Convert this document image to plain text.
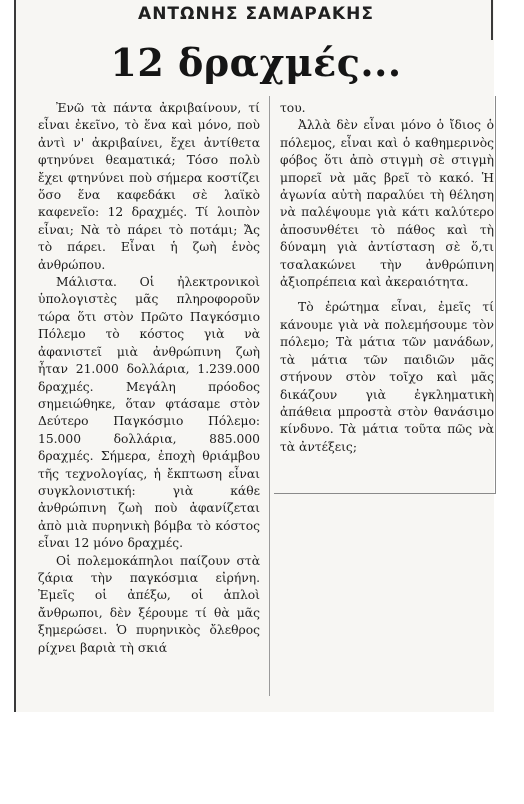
ΑΝΤΩΝΗΣ ΣΑΜΑΡΑΚΗΣ
12 δραχμές...

Ἐνῶ τὰ πάντα ἀκριβαίνουν, τί εἶναι ἐκεῖνο, τὸ ἕνα καὶ μόνο, ποὺ ἀντὶ ν' ἀκριβαίνει, ἔχει ἀντίθετα φτηνύνει θεαματικά; Τόσο πολὺ ἔχει φτηνύνει ποὺ σήμερα κοστίζει ὅσο ἕνα καφεδάκι σὲ λαϊκὸ καφενεῖο: 12 δραχμές. Τί λοιπὸν εἶναι; Νὰ τὸ πάρει τὸ ποτάμι; Ἄς τὸ πάρει. Εἶναι ἡ ζωὴ ἑνὸς ἀνθρώπου.

Μάλιστα. Οἱ ἠλεκτρονικοὶ ὑπολογιστὲς μᾶς πληροφοροῦν τώρα ὅτι στὸν Πρῶτο Παγκόσμιο Πόλεμο τὸ κόστος γιὰ νὰ ἀφανιστεῖ μιὰ ἀνθρώπινη ζωὴ ἦταν 21.000 δολλάρια, 1.239.000 δραχμές. Μεγάλη πρόοδος σημειώθηκε, ὅταν φτάσαμε στὸν Δεύτερο Παγκόσμιο Πόλεμο: 15.000 δολλάρια, 885.000 δραχμές. Σήμερα, ἐποχὴ θριάμβου τῆς τεχνολογίας, ἡ ἔκπτωση εἶναι συγκλονιστική: γιὰ κάθε ἀνθρώπινη ζωὴ ποὺ ἀφανίζεται ἀπὸ μιὰ πυρηνικὴ βόμβα τὸ κόστος εἶναι 12 μόνο δραχμές.

Οἱ πολεμοκάπηλοι παίζουν στὰ ζάρια τὴν παγκόσμια εἰρήνη. Ἐμεῖς οἱ ἀπέξω, οἱ ἁπλοὶ ἄνθρωποι, δὲν ξέρουμε τί θὰ μᾶς ξημερώσει. Ὁ πυρηνικὸς ὄλεθρος ρίχνει βαριὰ τὴ σκιά

του.

Ἀλλὰ δὲν εἶναι μόνο ὁ ἴδιος ὁ πόλεμος, εἶναι καὶ ὁ καθημερινὸς φόβος ὅτι ἀπὸ στιγμὴ σὲ στιγμὴ μπορεῖ νὰ μᾶς βρεῖ τὸ κακό. Ἡ ἀγωνία αὐτὴ παραλύει τὴ θέληση νὰ παλέψουμε γιὰ κάτι καλύτερο ἀποσυνθέτει τὸ πάθος καὶ τὴ δύναμη γιὰ ἀντίσταση σὲ ὅ,τι τσαλακώνει τὴν ἀνθρώπινη ἀξιοπρέπεια καὶ ἀκεραιότητα.

Τὸ ἐρώτημα εἶναι, ἐμεῖς τί κάνουμε γιὰ νὰ πολεμήσουμε τὸν πόλεμο; Τὰ μάτια τῶν μανάδων, τὰ μάτια τῶν παιδιῶν μᾶς στήνουν στὸν τοῖχο καὶ μᾶς δικάζουν γιὰ ἐγκληματικὴ ἀπάθεια μπροστὰ στὸν θανάσιμο κίνδυνο. Τὰ μάτια τοῦτα πῶς νὰ τὰ ἀντέξεις;
